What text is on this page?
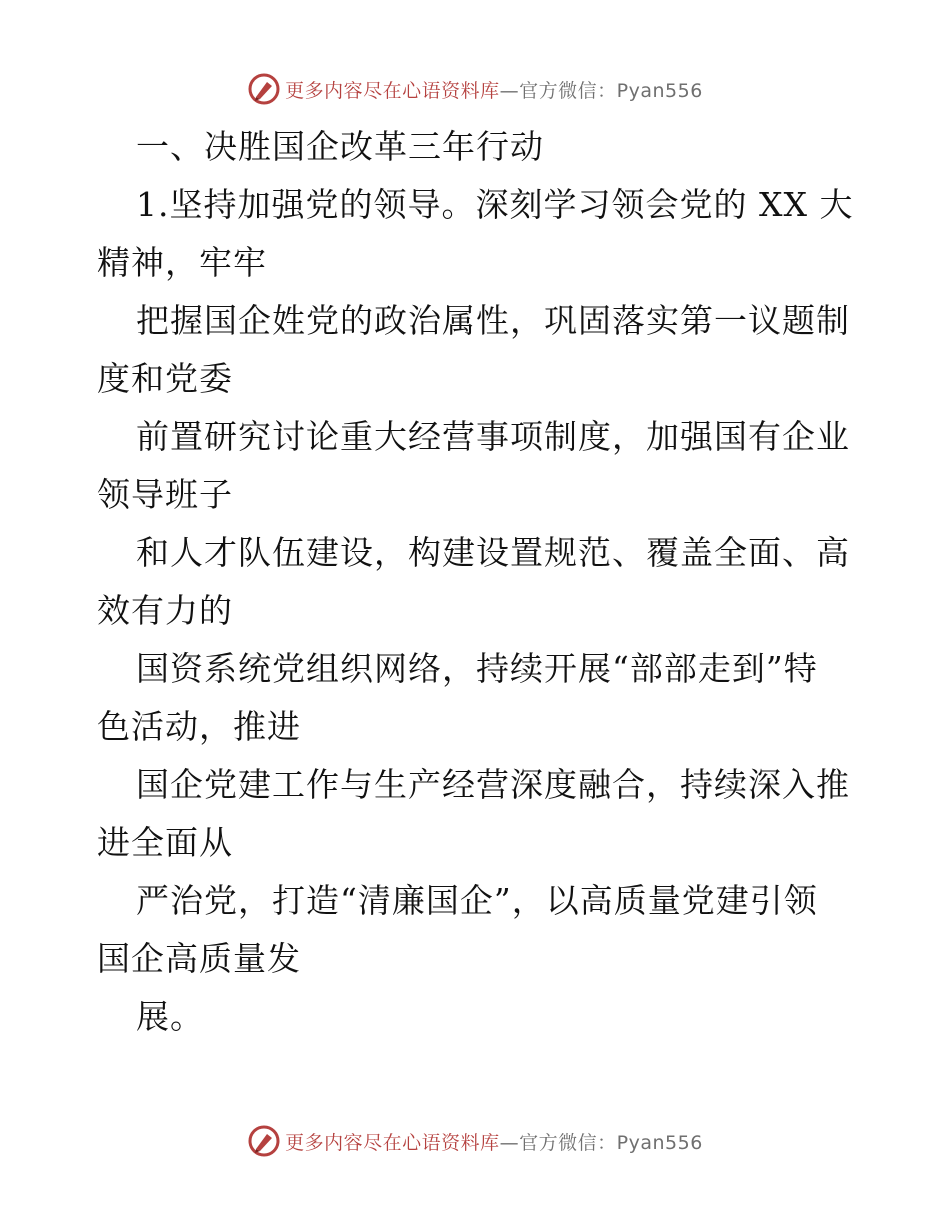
更多内容尽在心语资料库 —官方微信：Pyan556
一、决胜国企改革三年行动
1.坚持加强党的领导。深刻学习领会党的 XX 大
精神，牢牢
把握国企姓党的政治属性，巩固落实第一议题制
度和党委
前置研究讨论重大经营事项制度，加强国有企业
领导班子
和人才队伍建设，构建设置规范、覆盖全面、高
效有力的
国资系统党组织网络，持续开展“部部走到”特
色活动，推进
国企党建工作与生产经营深度融合，持续深入推
进全面从
严治党，打造“清廉国企”，以高质量党建引领
国企高质量发
展。
更多内容尽在心语资料库 —官方微信：Pyan556
